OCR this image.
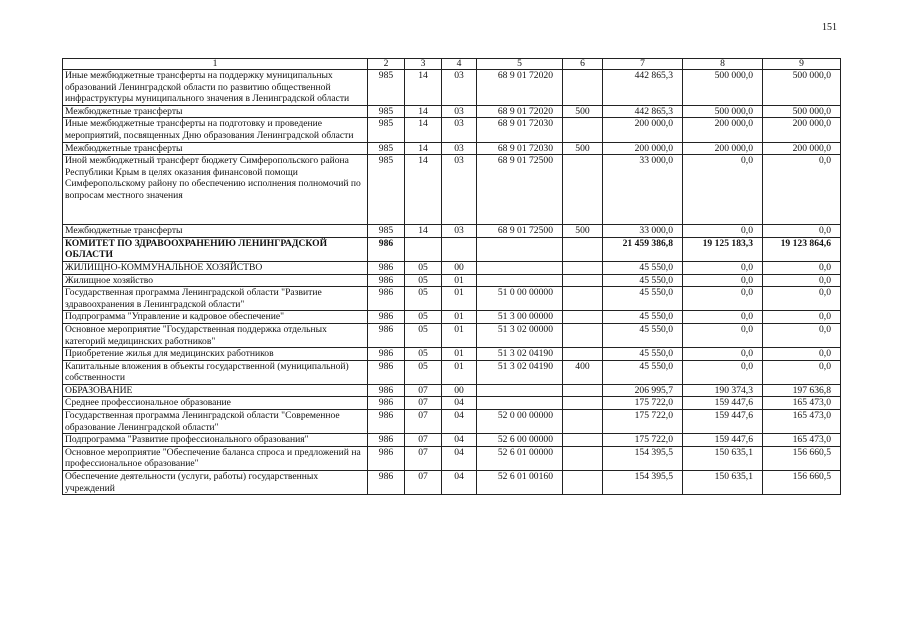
151
1	2	3	4	5	6	7	8	9
Иные межбюджетные трансферты на поддержку муниципальных образований Ленинградской области по развитию общественной инфраструктуры муниципального значения в Ленинградской области	985	14	03	68 9 01 72020		442 865,3	500 000,0	500 000,0
Межбюджетные трансферты	985	14	03	68 9 01 72020	500	442 865,3	500 000,0	500 000,0
Иные межбюджетные трансферты на подготовку и проведение мероприятий, посвященных Дню образования Ленинградской области	985	14	03	68 9 01 72030		200 000,0	200 000,0	200 000,0
Межбюджетные трансферты	985	14	03	68 9 01 72030	500	200 000,0	200 000,0	200 000,0
Иной межбюджетный трансферт бюджету Симферопольского района Республики Крым в целях оказания финансовой помощи Симферопольскому району по обеспечению исполнения полномочий по вопросам местного значения	985	14	03	68 9 01 72500		33 000,0	0,0	0,0
Межбюджетные трансферты	985	14	03	68 9 01 72500	500	33 000,0	0,0	0,0
КОМИТЕТ ПО ЗДРАВООХРАНЕНИЮ ЛЕНИНГРАДСКОЙ ОБЛАСТИ	986					21 459 386,8	19 125 183,3	19 123 864,6
ЖИЛИЩНО-КОММУНАЛЬНОЕ ХОЗЯЙСТВО	986	05	00			45 550,0	0,0	0,0
Жилищное хозяйство	986	05	01			45 550,0	0,0	0,0
Государственная программа Ленинградской области "Развитие здравоохранения в Ленинградской области"	986	05	01	51 0 00 00000		45 550,0	0,0	0,0
Подпрограмма "Управление и кадровое обеспечение"	986	05	01	51 3 00 00000		45 550,0	0,0	0,0
Основное мероприятие "Государственная поддержка отдельных категорий медицинских работников"	986	05	01	51 3 02 00000		45 550,0	0,0	0,0
Приобретение жилья для медицинских работников	986	05	01	51 3 02 04190		45 550,0	0,0	0,0
Капитальные вложения в объекты государственной (муниципальной) собственности	986	05	01	51 3 02 04190	400	45 550,0	0,0	0,0
ОБРАЗОВАНИЕ	986	07	00			206 995,7	190 374,3	197 636,8
Среднее профессиональное образование	986	07	04			175 722,0	159 447,6	165 473,0
Государственная программа Ленинградской области "Современное образование Ленинградской области"	986	07	04	52 0 00 00000		175 722,0	159 447,6	165 473,0
Подпрограмма "Развитие профессионального образования"	986	07	04	52 6 00 00000		175 722,0	159 447,6	165 473,0
Основное мероприятие "Обеспечение баланса спроса и предложений на профессиональное образование"	986	07	04	52 6 01 00000		154 395,5	150 635,1	156 660,5
Обеспечение деятельности (услуги, работы) государственных учреждений	986	07	04	52 6 01 00160		154 395,5	150 635,1	156 660,5
